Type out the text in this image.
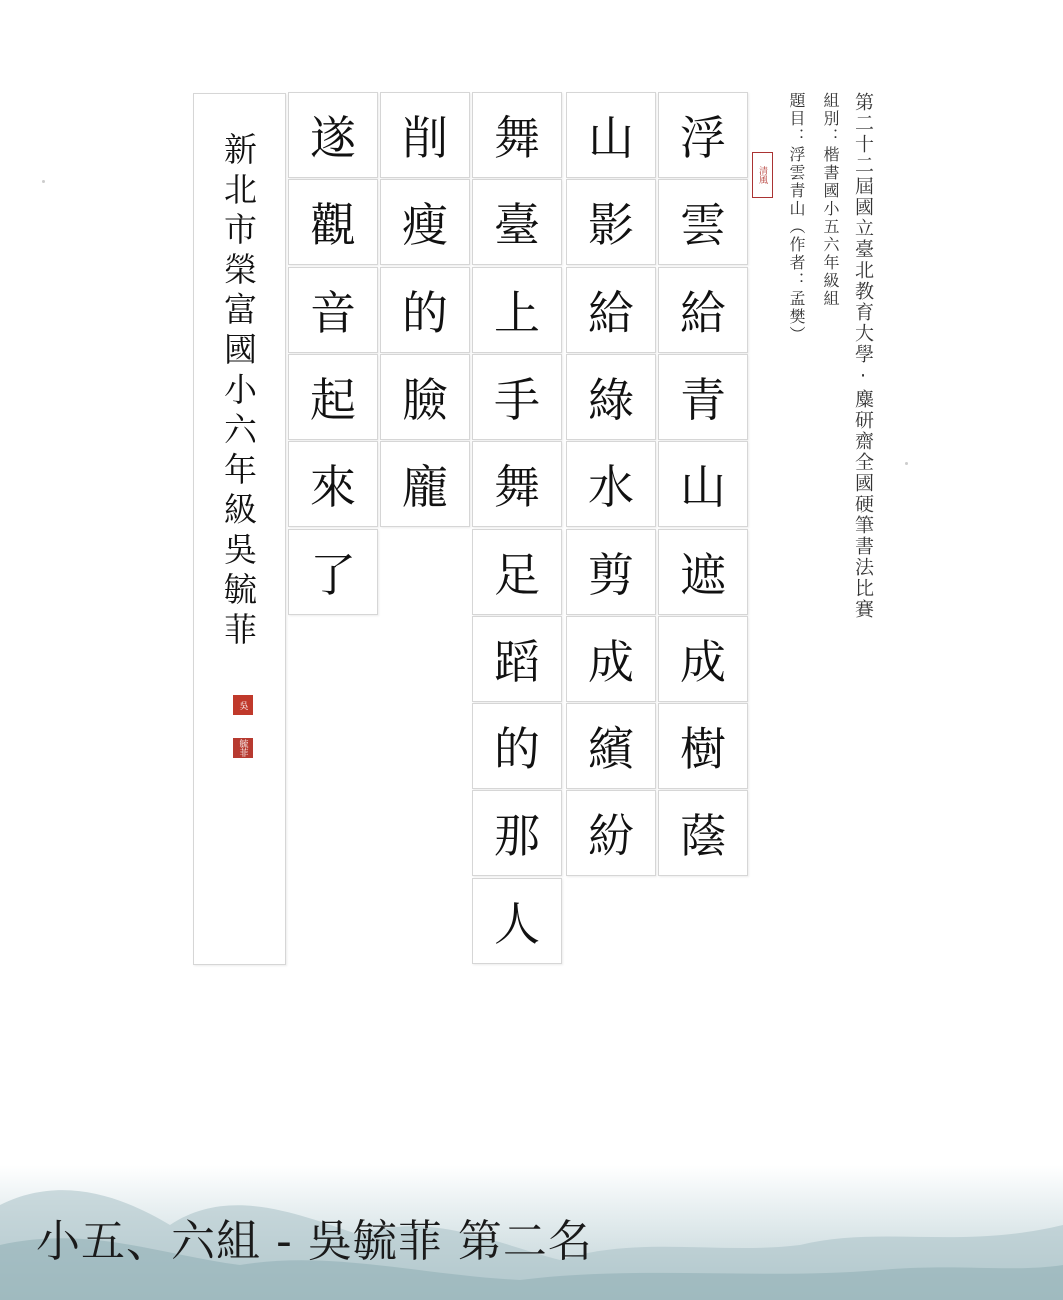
第二十二屆國立臺北教育大學‧麋研齋全國硬筆書法比賽
組別：楷書國小五六年級組
題目：浮雲青山（作者：孟樊）
清風
浮
雲
給
青
山
遮
成
樹
蔭
山
影
給
綠
水
剪
成
繽
紛
舞
臺
上
手
舞
足
蹈
的
那
人
削
瘦
的
臉
龐
遂
觀
音
起
來
了
新北市榮富國小六年級吳毓菲
吳
毓菲
小五、六組 - 吳毓菲 第二名
